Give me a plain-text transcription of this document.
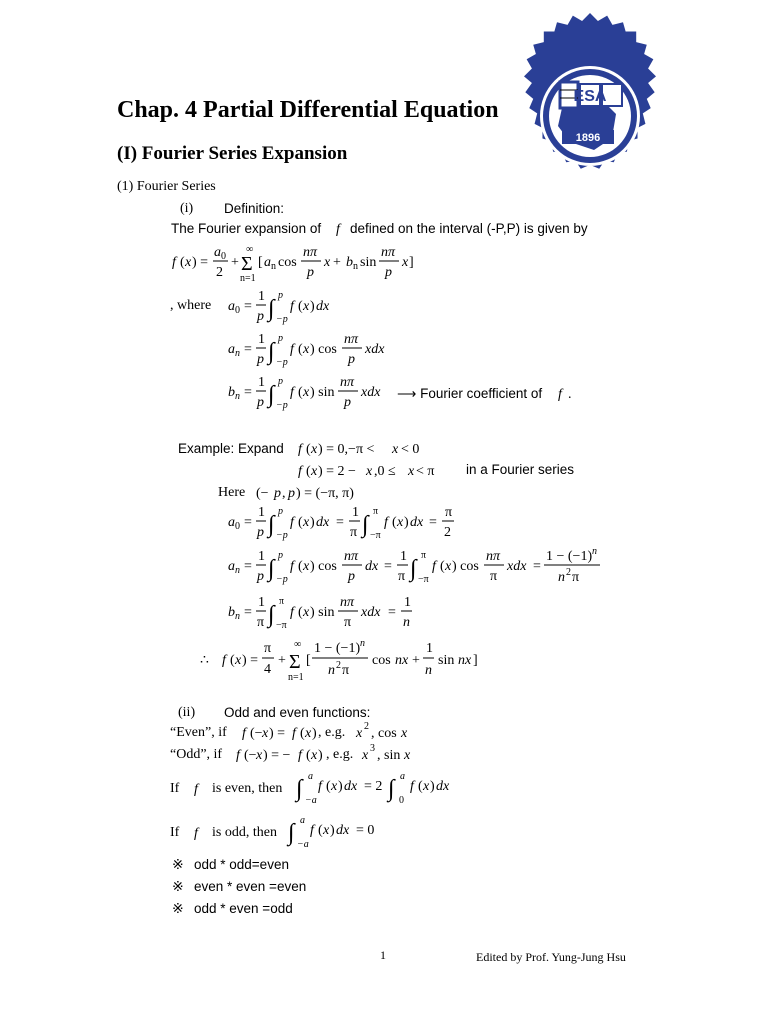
ESA
1896
Chap. 4 Partial Differential Equation
(I) Fourier Series Expansion
(1) Fourier Series
(i) Definition:
The Fourier expansion of f defined on the interval (-P,P) is given by
f ( x ) =
a 0
2
+
∞
Σ
n=1
[ a n cos
nπ
p
x + b n sin
nπ
p
x ]
, where a 0 =
1
p ∫
p
−p
f ( x ) dx
a n =
1
p ∫
p
−p
f ( x ) cos
nπ
p
xdx
b n =
1
p ∫
p
−p
f ( x ) sin
nπ
p
xdx ⟶ Fourier coefficient of f .
Example: Expand f ( x ) = 0,−π < x < 0
f ( x ) = 2 − x ,0 ≤ x < π in a Fourier series
Here (− p , p ) = (−π, π)
a 0 =
1
p ∫
p
−p
f ( x ) dx =
1
π ∫
π
−π
f ( x ) dx =
π
2
a n =
1
p ∫
p
−p
f ( x ) cos
nπ
p
dx =
1
π ∫
π
−π
f ( x ) cos
nπ
π
xdx =
1 − (−1) n
n 2 π
b n =
1
π ∫
π
−π
f ( x ) sin
nπ
π
xdx =
1
n
∴ f ( x ) =
π
4
+
∞
Σ
n=1
[
1 − (−1) n
n 2 π
cos nx +
1
n
sin nx ]
(ii) Odd and even functions:
“Even”, if f (− x ) = f ( x ) , e.g. x 2 , cos x
“Odd”, if f (− x ) = − f ( x ) , e.g. x 3 , sin x
If f is even, then ∫ a
−a
f ( x ) dx = 2 ∫ a
0
f ( x ) dx
If f is odd, then ∫ a
−a
f ( x ) dx = 0
※ odd * odd=even
※ even * even =even
※ odd * even =odd
1	Edited by Prof. Yung-Jung Hsu
